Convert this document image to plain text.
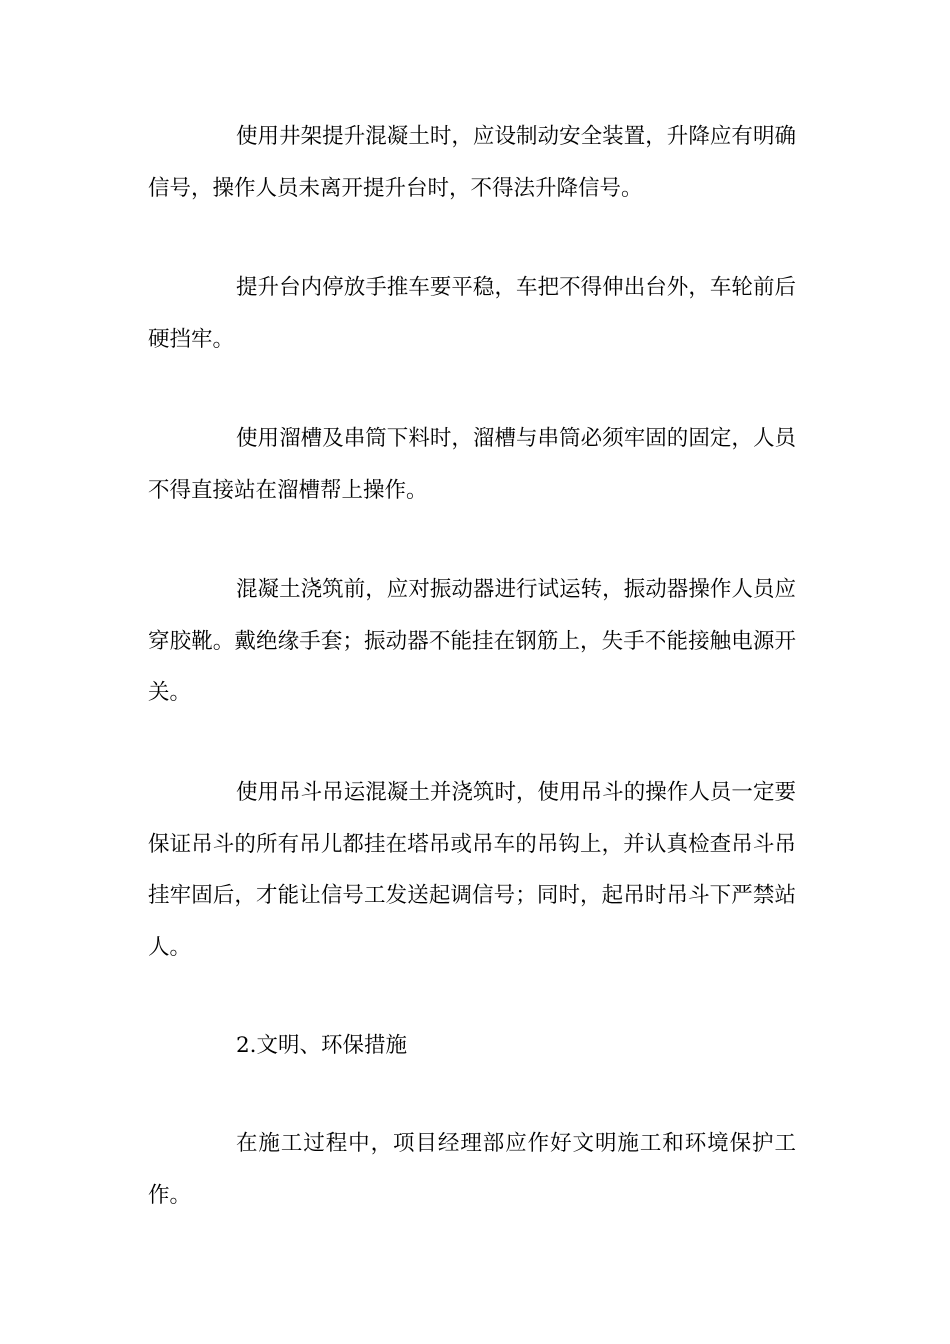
使用井架提升混凝土时，应设制动安全装置，升降应有明确信号，操作人员未离开提升台时，不得法升降信号。

提升台内停放手推车要平稳，车把不得伸出台外，车轮前后硬挡牢。

使用溜槽及串筒下料时，溜槽与串筒必须牢固的固定，人员不得直接站在溜槽帮上操作。

混凝土浇筑前，应对振动器进行试运转，振动器操作人员应穿胶靴。戴绝缘手套；振动器不能挂在钢筋上，失手不能接触电源开关。

使用吊斗吊运混凝土并浇筑时，使用吊斗的操作人员一定要保证吊斗的所有吊儿都挂在塔吊或吊车的吊钩上，并认真检查吊斗吊挂牢固后，才能让信号工发送起调信号；同时，起吊时吊斗下严禁站人。

2.文明、环保措施

在施工过程中，项目经理部应作好文明施工和环境保护工作。
